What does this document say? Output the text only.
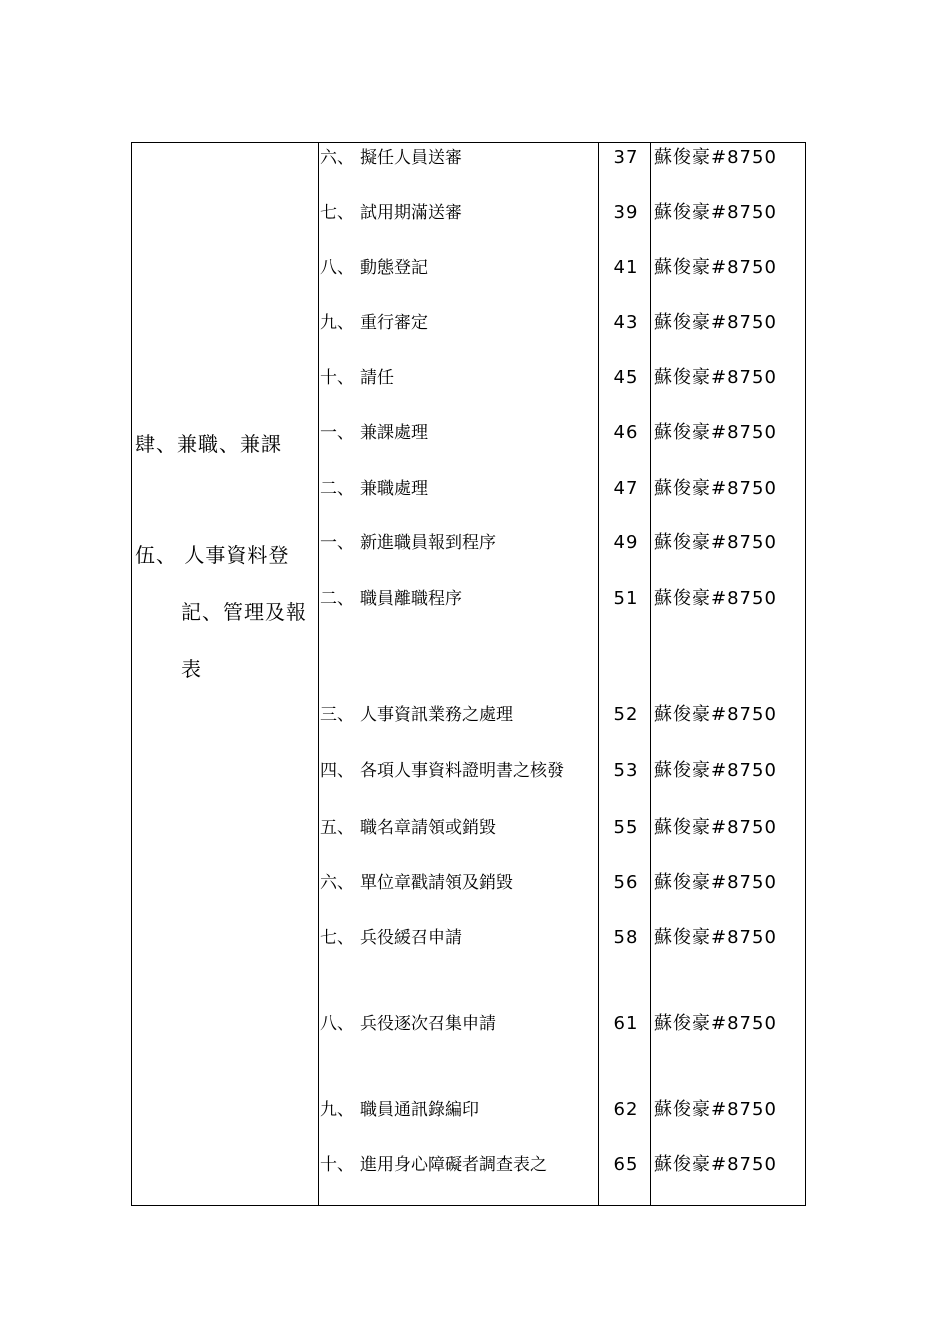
肆、兼職、兼課
伍、 人事資料登
記、管理及報
表
六、 擬任人員送審	37 蘇俊豪#8750
七、 試用期滿送審	39 蘇俊豪#8750
八、 動態登記	41 蘇俊豪#8750
九、 重行審定	43 蘇俊豪#8750
十、 請任	45 蘇俊豪#8750
一、 兼課處理	46 蘇俊豪#8750
二、 兼職處理	47 蘇俊豪#8750
一、 新進職員報到程序	49 蘇俊豪#8750
二、 職員離職程序	51 蘇俊豪#8750
三、 人事資訊業務之處理	52 蘇俊豪#8750
四、 各項人事資料證明書之核發	53 蘇俊豪#8750
五、 職名章請領或銷毀	55 蘇俊豪#8750
六、 單位章戳請領及銷毀	56 蘇俊豪#8750
七、 兵役緩召申請	58 蘇俊豪#8750
八、 兵役逐次召集申請	61 蘇俊豪#8750
九、 職員通訊錄編印	62 蘇俊豪#8750
十、 進用身心障礙者調查表之	65 蘇俊豪#8750
